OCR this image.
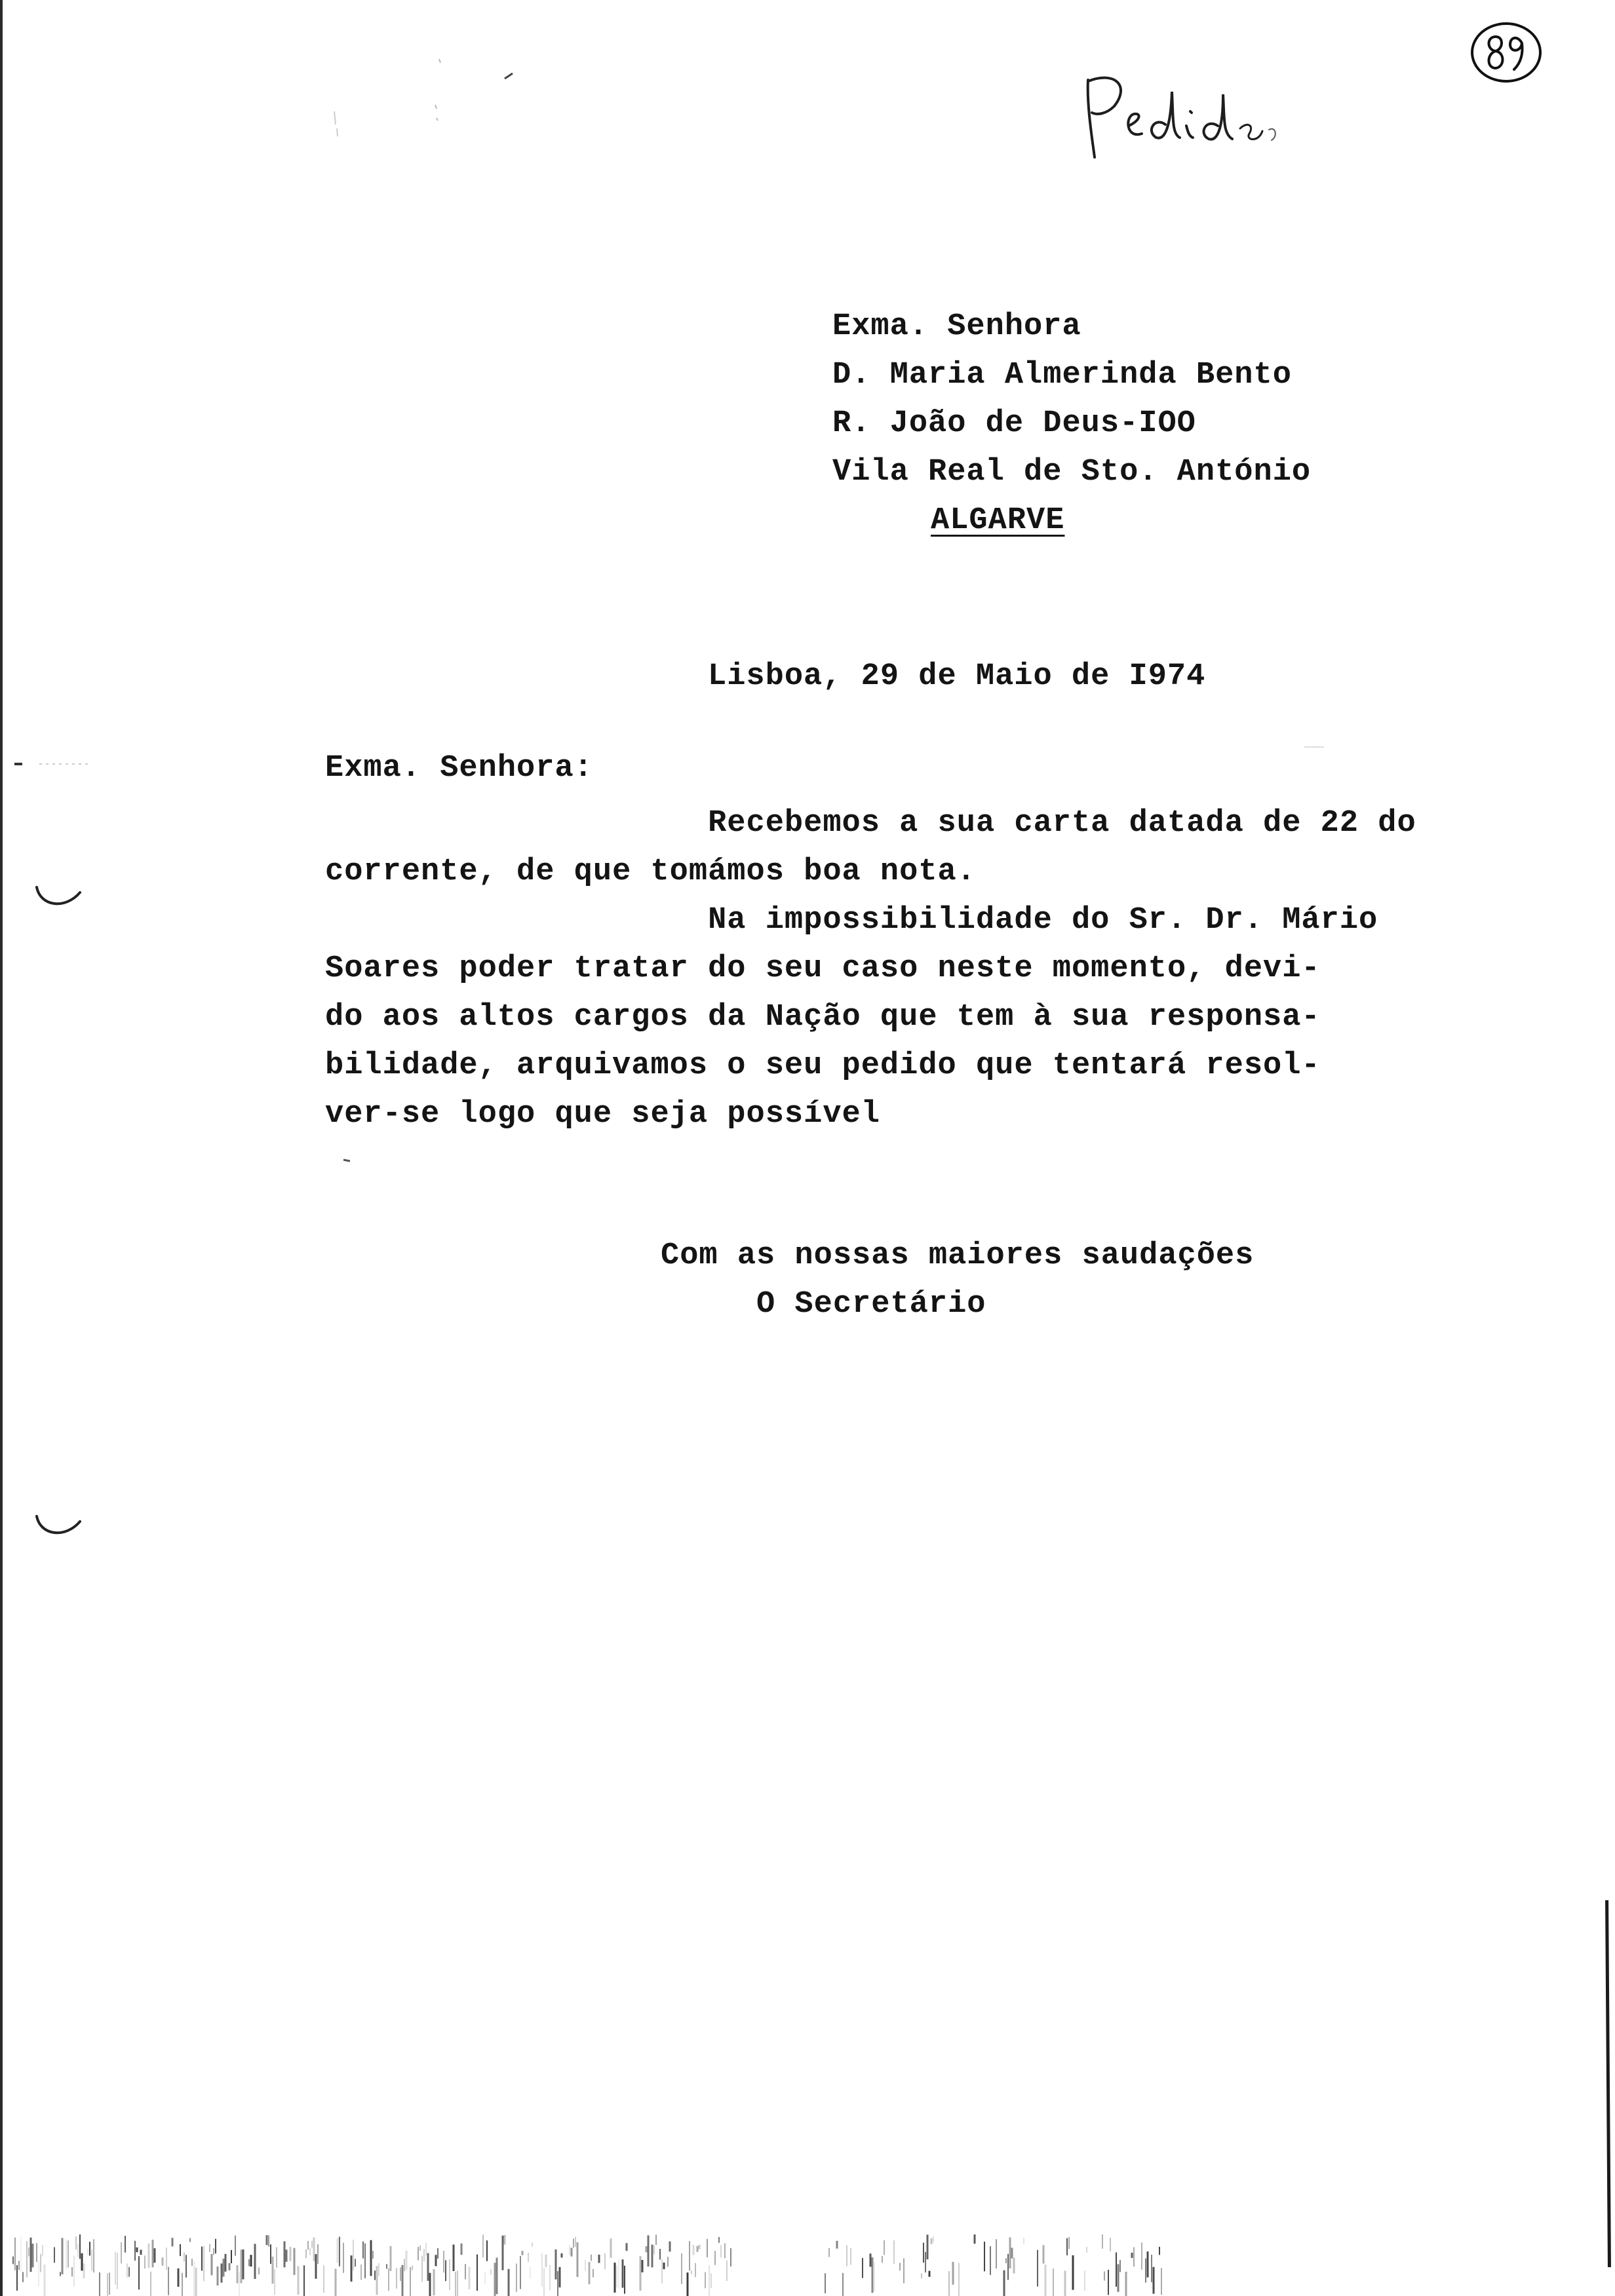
Exma. Senhora
D. Maria Almerinda Bento
R. João de Deus-IOO
Vila Real de Sto. António
ALGARVE
Lisboa, 29 de Maio de I974
Exma. Senhora:
Recebemos a sua carta datada de 22 do
corrente, de que tomámos boa nota.
Na impossibilidade do Sr. Dr. Mário
Soares poder tratar do seu caso neste momento, devi-
do aos altos cargos da Nação que tem à sua responsa-
bilidade, arquivamos o seu pedido que tentará resol-
ver-se logo que seja possível
Com as nossas maiores saudações
O Secretário
